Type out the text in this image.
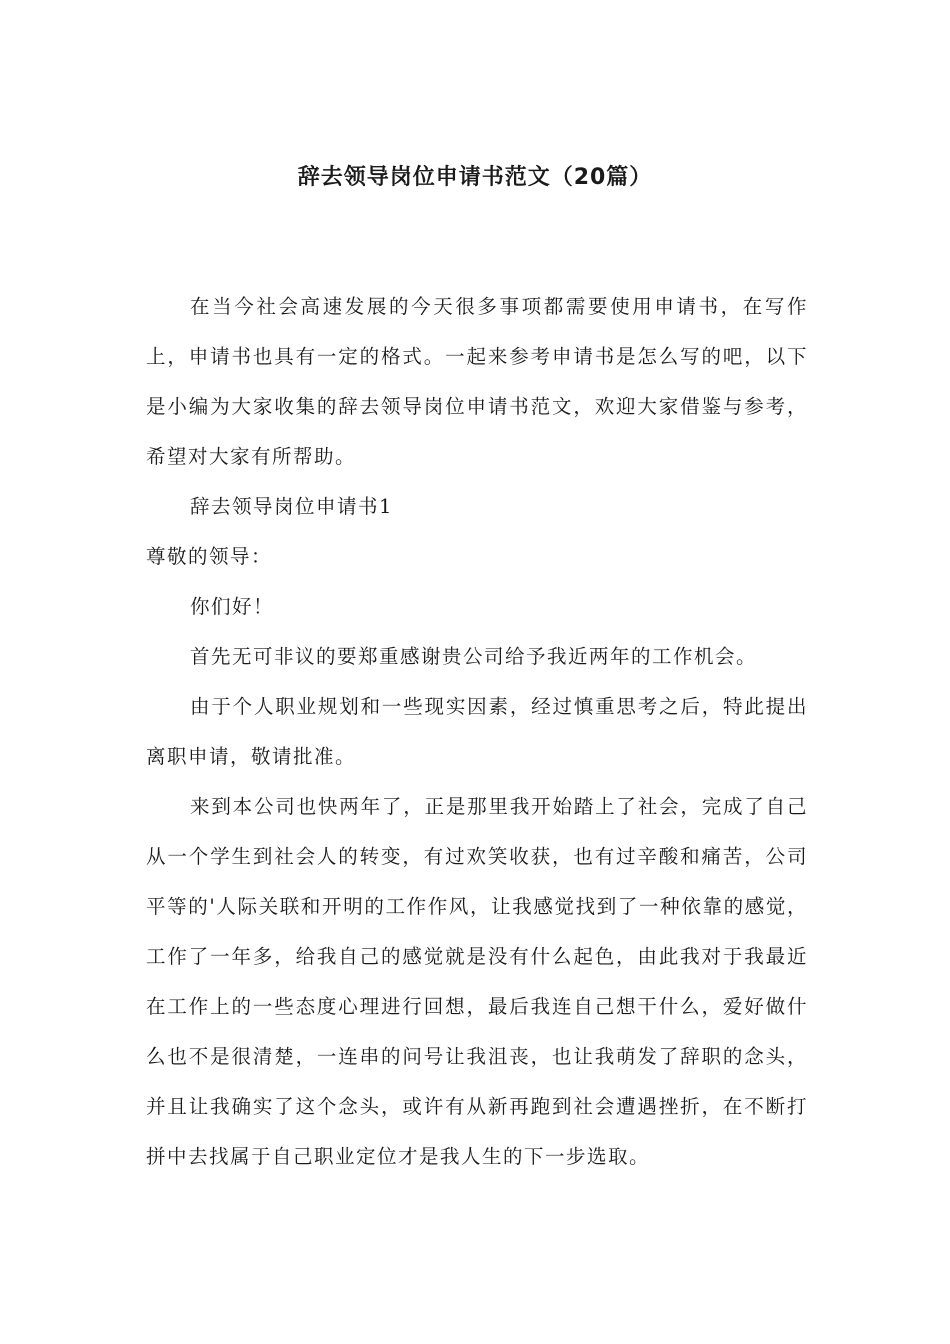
辞去领导岗位申请书范文（20篇）

在当今社会高速发展的今天很多事项都需要使用申请书，在写作上，申请书也具有一定的格式。一起来参考申请书是怎么写的吧，以下是小编为大家收集的辞去领导岗位申请书范文，欢迎大家借鉴与参考，希望对大家有所帮助。

辞去领导岗位申请书1

尊敬的领导：

你们好！

首先无可非议的要郑重感谢贵公司给予我近两年的工作机会。

由于个人职业规划和一些现实因素，经过慎重思考之后，特此提出离职申请，敬请批准。

来到本公司也快两年了，正是那里我开始踏上了社会，完成了自己从一个学生到社会人的转变，有过欢笑收获，也有过辛酸和痛苦，公司平等的'人际关联和开明的工作作风，让我感觉找到了一种依靠的感觉，工作了一年多，给我自己的感觉就是没有什么起色，由此我对于我最近在工作上的一些态度心理进行回想，最后我连自己想干什么，爱好做什么也不是很清楚，一连串的问号让我沮丧，也让我萌发了辞职的念头，并且让我确实了这个念头，或许有从新再跑到社会遭遇挫折，在不断打拼中去找属于自己职业定位才是我人生的下一步选取。
